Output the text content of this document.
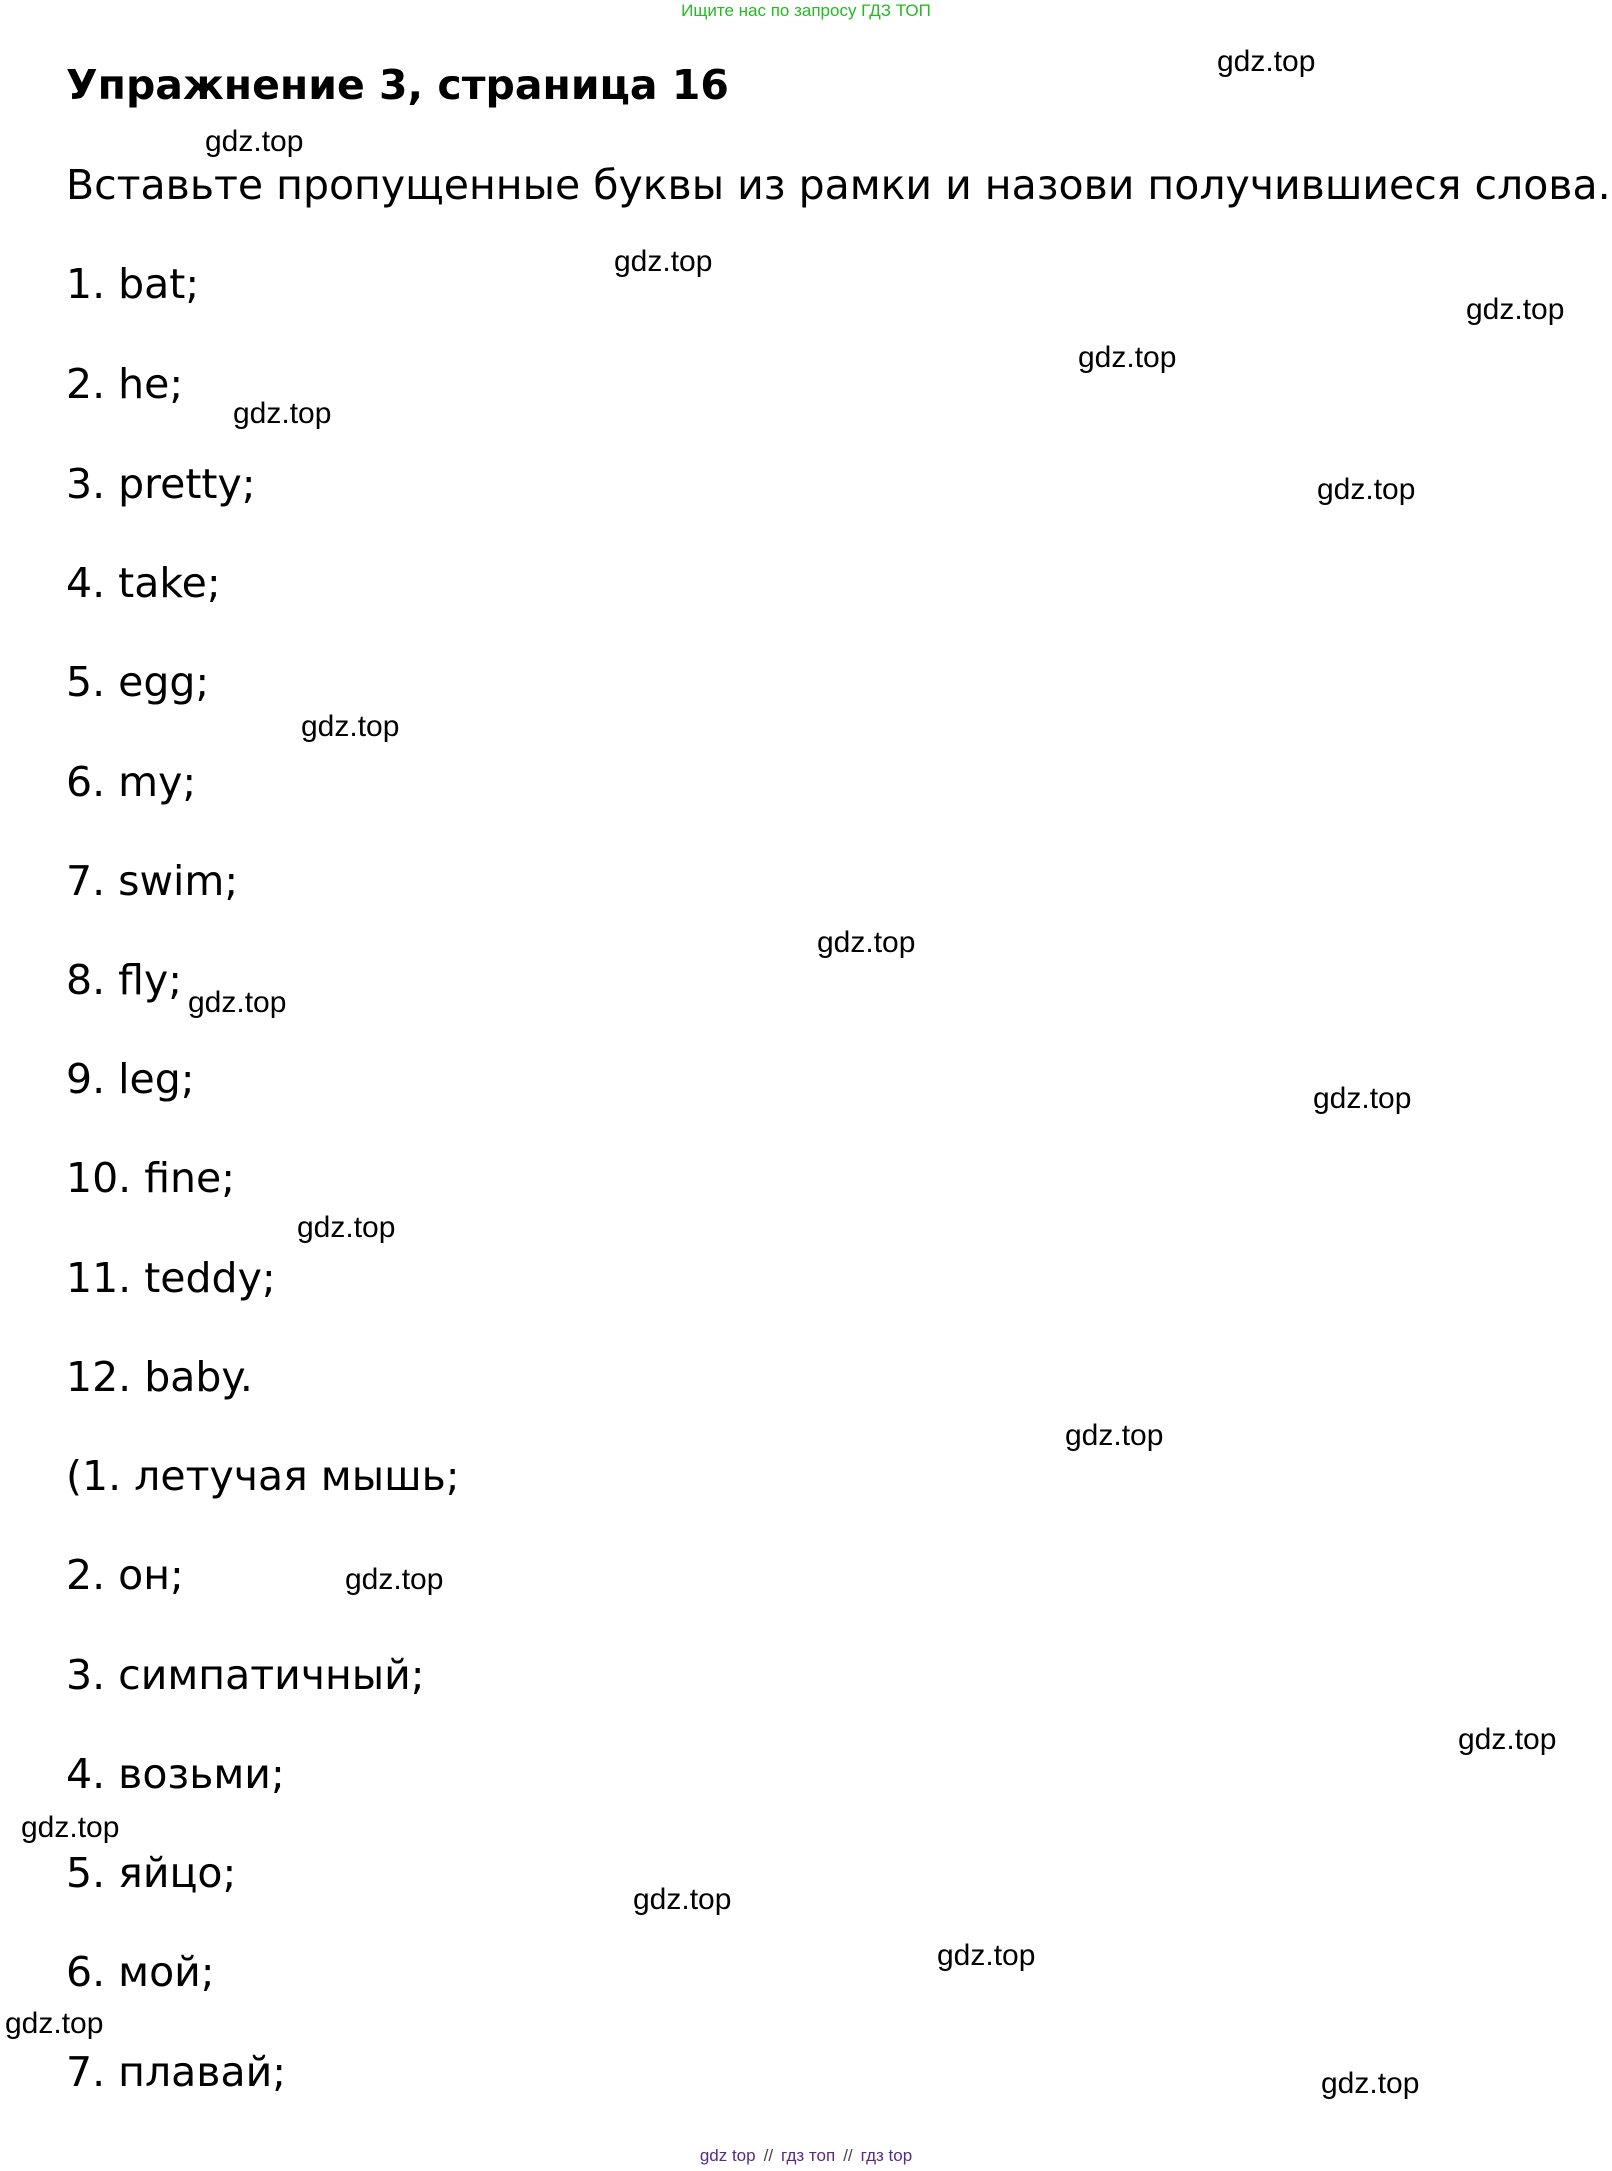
Ищите нас по запросу ГДЗ ТОП
Упражнение 3, страница 16

Вставьте пропущенные буквы из рамки и назови получившиеся слова.

1. bat;

2. he;

3. pretty;

4. take;

5. egg;

6. my;

7. swim;

8. fly;

9. leg;

10. fine;

11. teddy;

12. baby.

(1. летучая мышь;

2. он;

3. симпатичный;

4. возьми;

5. яйцо;

6. мой;

7. плавай;

gdz.top
gdz.top
gdz.top
gdz.top
gdz.top
gdz.top
gdz.top
gdz.top
gdz.top
gdz.top
gdz.top
gdz.top
gdz.top
gdz.top
gdz.top
gdz.top
gdz.top
gdz.top
gdz.top
gdz.top
gdz top // гдз топ // гдз top
